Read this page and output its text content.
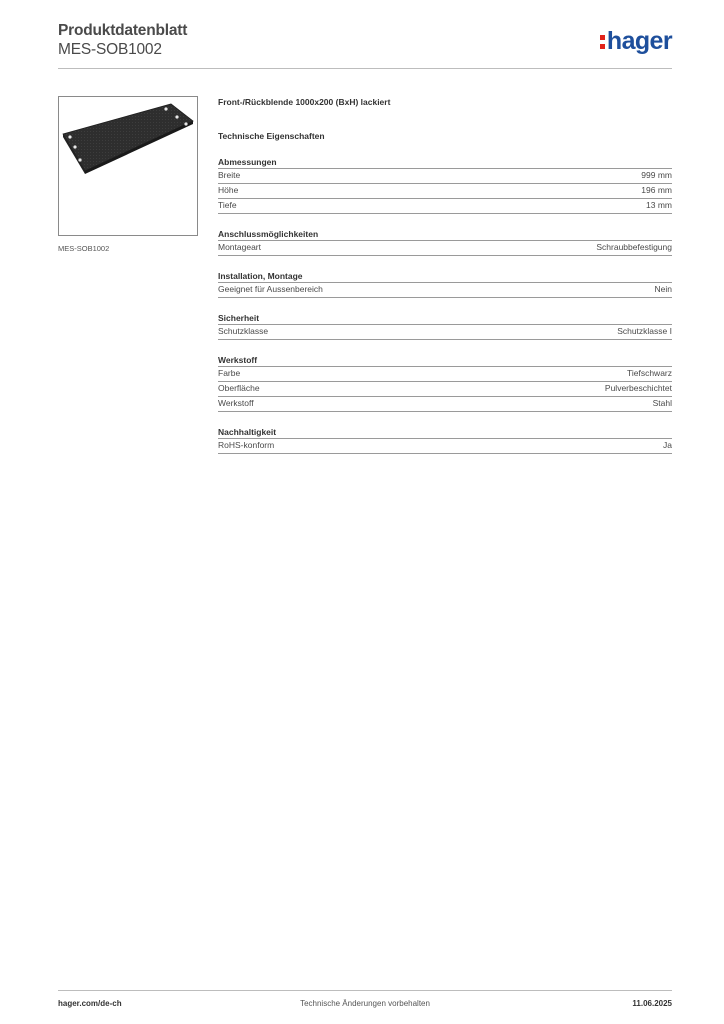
Produktdatenblatt
MES-SOB1002	hager
MES-SOB1002
Front-/Rückblende 1000x200 (BxH) lackiert
Technische Eigenschaften
Abmessungen
Breite	999 mm
Höhe	196 mm
Tiefe	13 mm
Anschlussmöglichkeiten
Montageart	Schraubbefestigung
Installation, Montage
Geeignet für Aussenbereich	Nein
Sicherheit
Schutzklasse	Schutzklasse I
Werkstoff
Farbe	Tiefschwarz
Oberfläche	Pulverbeschichtet
Werkstoff	Stahl
Nachhaltigkeit
RoHS-konform	Ja
hager.com/de-ch	Technische Änderungen vorbehalten	11.06.2025
